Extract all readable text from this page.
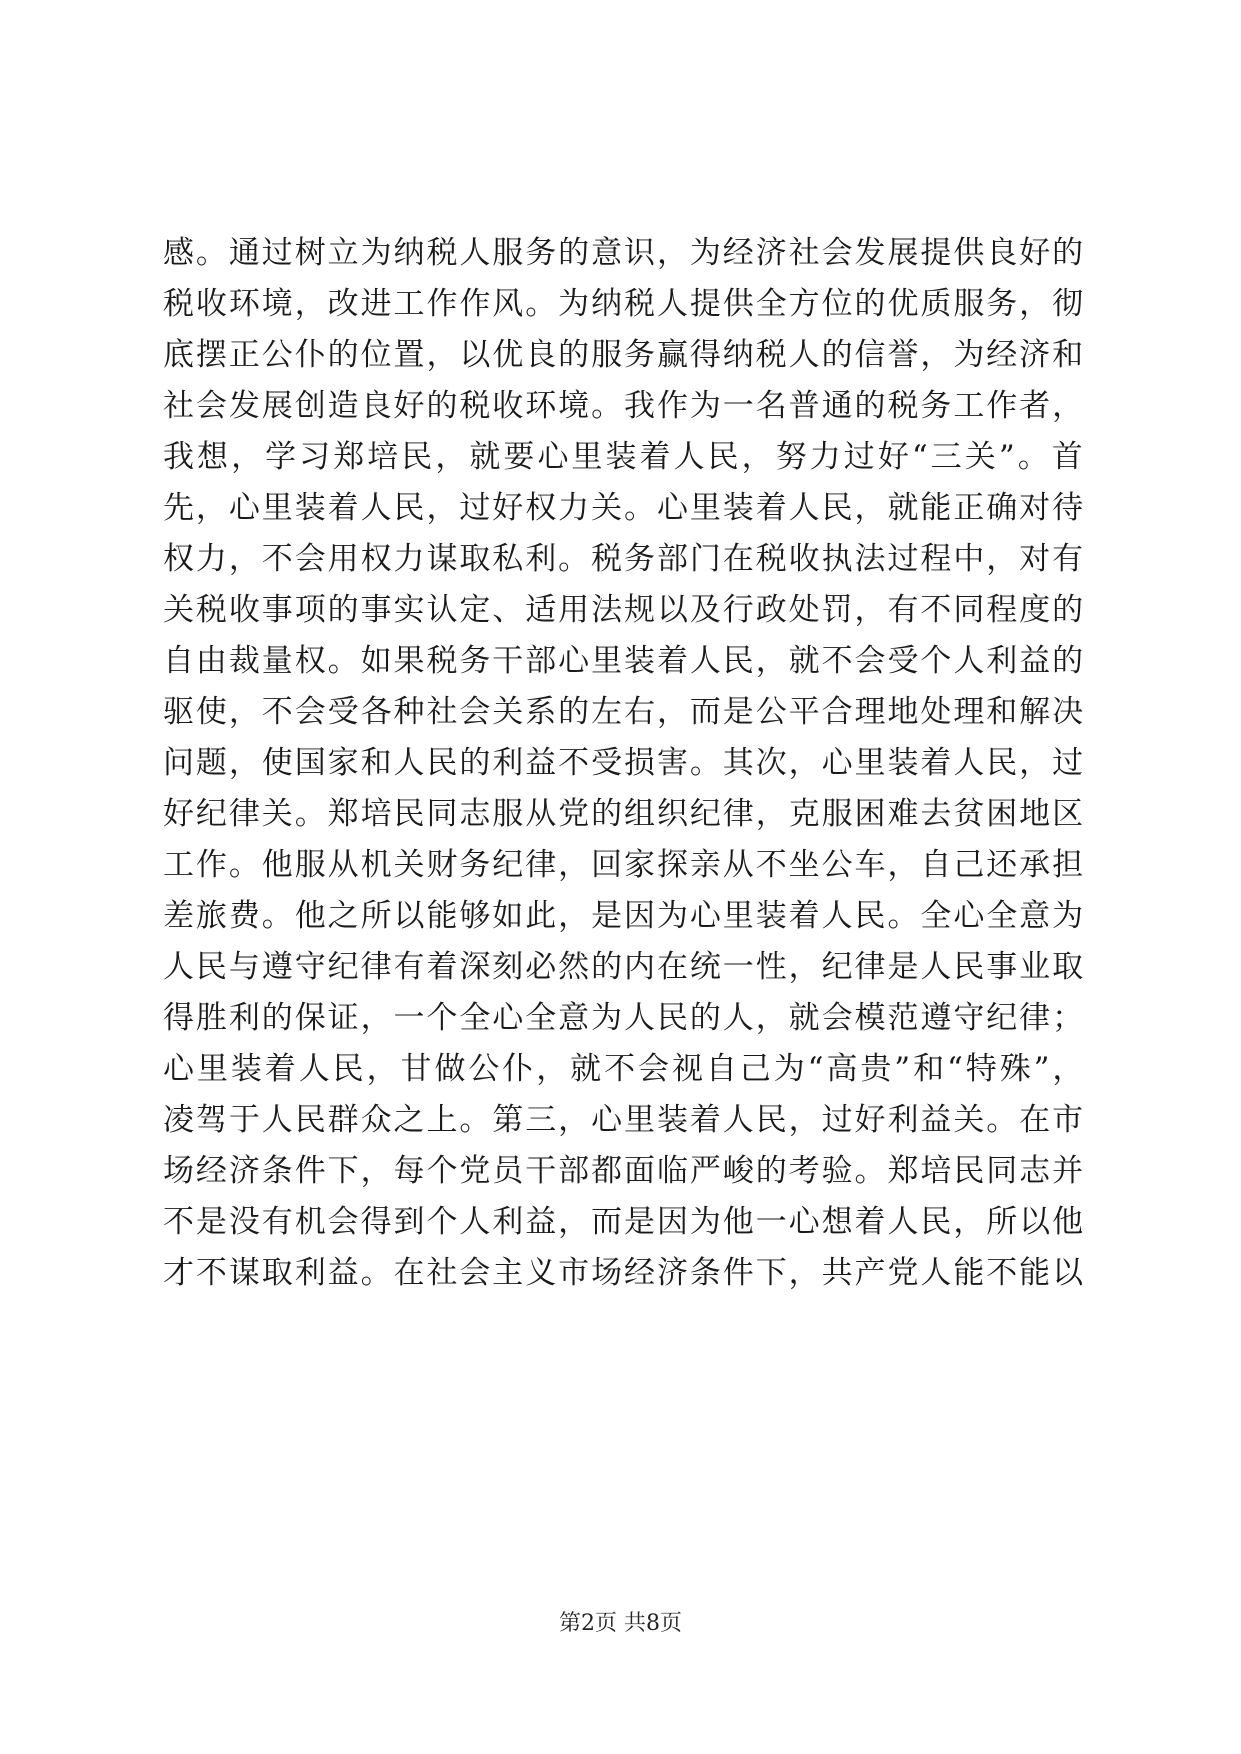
感。通过树立为纳税人服务的意识，为经济社会发展提供良好的
税收环境，改进工作作风。为纳税人提供全方位的优质服务，彻
底摆正公仆的位置，以优良的服务赢得纳税人的信誉，为经济和
社会发展创造良好的税收环境。我作为一名普通的税务工作者，
我想，学习郑培民，就要心里装着人民，努力过好“三关”。首
先，心里装着人民，过好权力关。心里装着人民，就能正确对待
权力，不会用权力谋取私利。税务部门在税收执法过程中，对有
关税收事项的事实认定、适用法规以及行政处罚，有不同程度的
自由裁量权。如果税务干部心里装着人民，就不会受个人利益的
驱使，不会受各种社会关系的左右，而是公平合理地处理和解决
问题，使国家和人民的利益不受损害。其次，心里装着人民，过
好纪律关。郑培民同志服从党的组织纪律，克服困难去贫困地区
工作。他服从机关财务纪律，回家探亲从不坐公车，自己还承担
差旅费。他之所以能够如此，是因为心里装着人民。全心全意为
人民与遵守纪律有着深刻必然的内在统一性，纪律是人民事业取
得胜利的保证，一个全心全意为人民的人，就会模范遵守纪律；
心里装着人民，甘做公仆，就不会视自己为“高贵”和“特殊”，
凌驾于人民群众之上。第三，心里装着人民，过好利益关。在市
场经济条件下，每个党员干部都面临严峻的考验。郑培民同志并
不是没有机会得到个人利益，而是因为他一心想着人民，所以他
才不谋取利益。在社会主义市场经济条件下，共产党人能不能以
第2页 共8页
